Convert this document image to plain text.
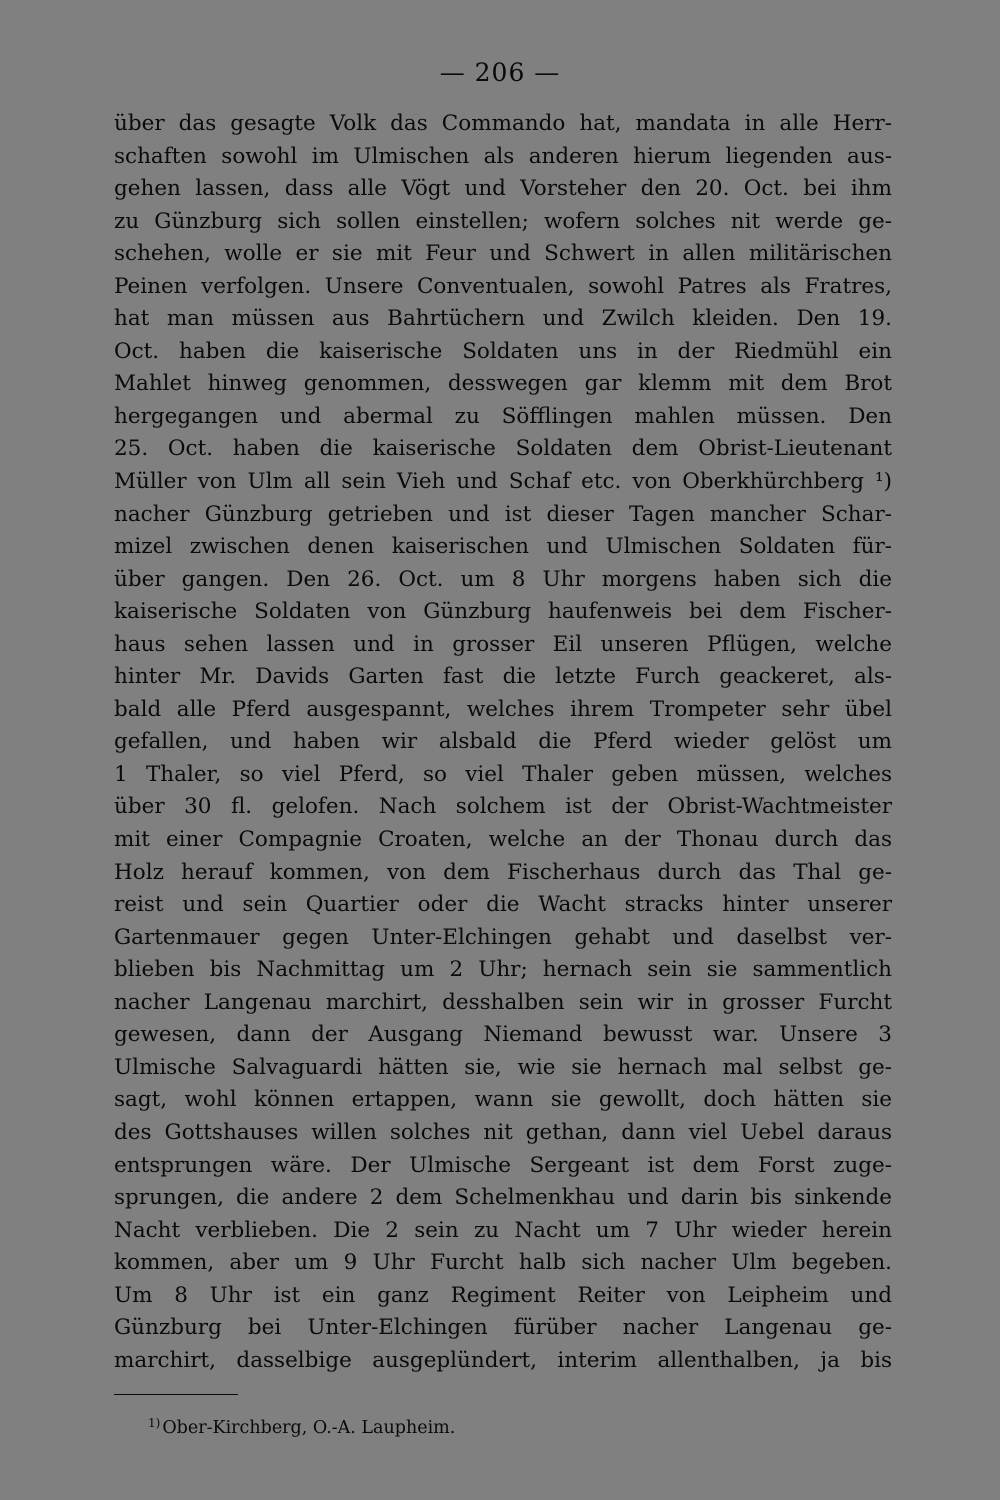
— 206 —
über das gesagte Volk das Commando hat, mandata in alle Herr-
schaften sowohl im Ulmischen als anderen hierum liegenden aus-
gehen lassen, dass alle Vögt und Vorsteher den 20. Oct. bei ihm
zu Günzburg sich sollen einstellen; wofern solches nit werde ge-
schehen, wolle er sie mit Feur und Schwert in allen militärischen
Peinen verfolgen. Unsere Conventualen, sowohl Patres als Fratres,
hat man müssen aus Bahrtüchern und Zwilch kleiden. Den 19.
Oct. haben die kaiserische Soldaten uns in der Riedmühl ein
Mahlet hinweg genommen, desswegen gar klemm mit dem Brot
hergegangen und abermal zu Söfflingen mahlen müssen. Den
25. Oct. haben die kaiserische Soldaten dem Obrist-Lieutenant
Müller von Ulm all sein Vieh und Schaf etc. von Oberkhürchberg ¹)
nacher Günzburg getrieben und ist dieser Tagen mancher Schar-
mizel zwischen denen kaiserischen und Ulmischen Soldaten für-
über gangen. Den 26. Oct. um 8 Uhr morgens haben sich die
kaiserische Soldaten von Günzburg haufenweis bei dem Fischer-
haus sehen lassen und in grosser Eil unseren Pflügen, welche
hinter Mr. Davids Garten fast die letzte Furch geackeret, als-
bald alle Pferd ausgespannt, welches ihrem Trompeter sehr übel
gefallen, und haben wir alsbald die Pferd wieder gelöst um
1 Thaler, so viel Pferd, so viel Thaler geben müssen, welches
über 30 fl. gelofen. Nach solchem ist der Obrist-Wachtmeister
mit einer Compagnie Croaten, welche an der Thonau durch das
Holz herauf kommen, von dem Fischerhaus durch das Thal ge-
reist und sein Quartier oder die Wacht stracks hinter unserer
Gartenmauer gegen Unter-Elchingen gehabt und daselbst ver-
blieben bis Nachmittag um 2 Uhr; hernach sein sie sammentlich
nacher Langenau marchirt, desshalben sein wir in grosser Furcht
gewesen, dann der Ausgang Niemand bewusst war. Unsere 3
Ulmische Salvaguardi hätten sie, wie sie hernach mal selbst ge-
sagt, wohl können ertappen, wann sie gewollt, doch hätten sie
des Gottshauses willen solches nit gethan, dann viel Uebel daraus
entsprungen wäre. Der Ulmische Sergeant ist dem Forst zuge-
sprungen, die andere 2 dem Schelmenkhau und darin bis sinkende
Nacht verblieben. Die 2 sein zu Nacht um 7 Uhr wieder herein
kommen, aber um 9 Uhr Furcht halb sich nacher Ulm begeben.
Um 8 Uhr ist ein ganz Regiment Reiter von Leipheim und
Günzburg bei Unter-Elchingen fürüber nacher Langenau ge-
marchirt, dasselbige ausgeplündert, interim allenthalben, ja bis
$^{1)}$ Ober-Kirchberg, O.-A. Laupheim.
